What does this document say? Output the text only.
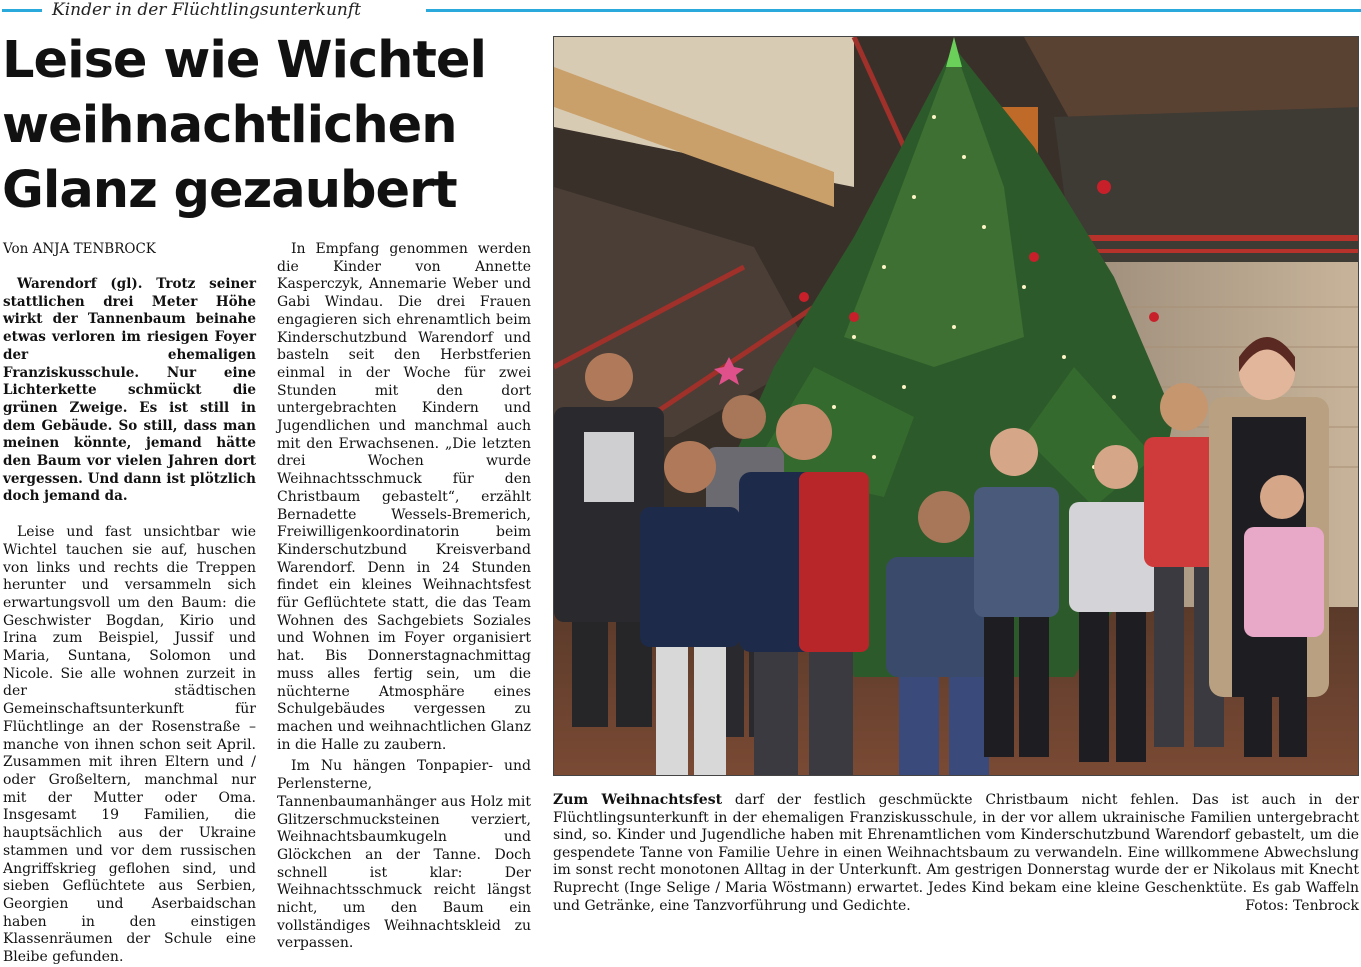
Kinder in der Flüchtlingsunterkunft
Leise wie Wichtel
weihnachtlichen
Glanz gezaubert
Von ANJA TENBROCK

Warendorf (gl). Trotz seiner stattlichen drei Meter Höhe wirkt der Tannenbaum beinahe etwas verloren im riesigen Foyer der ehemaligen Franziskusschule. Nur eine Lichterkette schmückt die grünen Zweige. Es ist still in dem Gebäude. So still, dass man meinen könnte, jemand hätte den Baum vor vielen Jahren dort vergessen. Und dann ist plötzlich doch jemand da.

Leise und fast unsichtbar wie Wichtel tauchen sie auf, huschen von links und rechts die Treppen herunter und versammeln sich erwartungsvoll um den Baum: die Geschwister Bogdan, Kirio und Irina zum Beispiel, Jussif und Maria, Suntana, Solomon und Nicole. Sie alle wohnen zurzeit in der städtischen Gemeinschaftsunterkunft für Flüchtlinge an der Rosenstraße – manche von ihnen schon seit April. Zusammen mit ihren Eltern und / oder Großeltern, manchmal nur mit der Mutter oder Oma. Insgesamt 19 Familien, die hauptsächlich aus der Ukraine stammen und vor dem russischen Angriffskrieg geflohen sind, und sieben Geflüchtete aus Serbien, Georgien und Aserbaidschan haben in den einstigen Klassenräumen der Schule eine Bleibe gefunden.

In Empfang genommen werden die Kinder von Annette Kasperczyk, Annemarie Weber und Gabi Windau. Die drei Frauen engagieren sich ehrenamtlich beim Kinderschutzbund Warendorf und basteln seit den Herbstferien einmal in der Woche für zwei Stunden mit den dort untergebrachten Kindern und Jugendlichen und manchmal auch mit den Erwachsenen. „Die letzten drei Wochen wurde Weihnachtsschmuck für den Christbaum gebastelt“, erzählt Bernadette Wessels-Bremerich, Freiwilligenkoordinatorin beim Kinderschutzbund Kreisverband Warendorf. Denn in 24 Stunden findet ein kleines Weihnachtsfest für Geflüchtete statt, die das Team Wohnen des Sachgebiets Soziales und Wohnen im Foyer organisiert hat. Bis Donnerstagnachmittag muss alles fertig sein, um die nüchterne Atmosphäre eines Schulgebäudes vergessen zu machen und weihnachtlichen Glanz in die Halle zu zaubern.

Im Nu hängen Tonpapier- und Perlensterne, Tannenbaumanhänger aus Holz mit Glitzerschmucksteinen verziert, Weihnachtsbaumkugeln und Glöckchen an der Tanne. Doch schnell ist klar: Der Weihnachtsschmuck reicht längst nicht, um den Baum ein vollständiges Weihnachtskleid zu verpassen.

Zum Weihnachtsfest darf der festlich geschmückte Christbaum nicht fehlen. Das ist auch in der Flüchtlingsunterkunft in der ehemaligen Franziskusschule, in der vor allem ukrainische Familien untergebracht sind, so. Kinder und Jugendliche haben mit Ehrenamtlichen vom Kinderschutzbund Warendorf gebastelt, um die gespendete Tanne von Familie Uehre in einen Weihnachtsbaum zu verwandeln. Eine willkommene Abwechslung im sonst recht monotonen Alltag in der Unterkunft. Am gestrigen Donnerstag wurde der er Nikolaus mit Knecht Ruprecht (Inge Selige / Maria Wöstmann) erwartet. Jedes Kind bekam eine kleine Geschenktüte. Es gab Waffeln und Getränke, eine Tanzvorführung und Gedichte.	Fotos: Tenbrock
